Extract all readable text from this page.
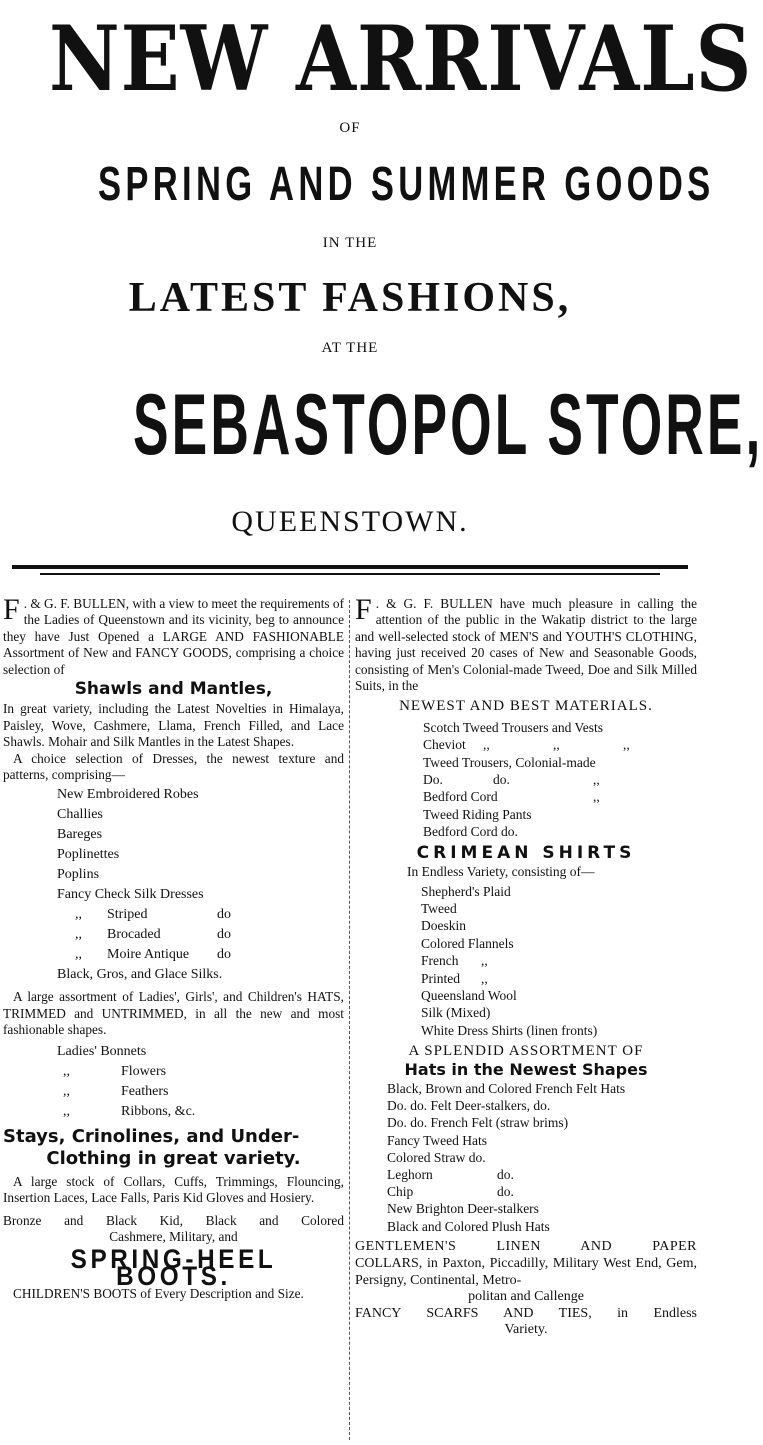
NEW ARRIVALS
OF
SPRING AND SUMMER GOODS
IN THE
LATEST FASHIONS,
AT THE
SEBASTOPOL STORE,
QUEENSTOWN.

F . & G. F. BULLEN, with a view to meet the requirements of the Ladies of Queenstown and its vicinity, beg to announce they have Just Opened a LARGE AND FASHIONABLE Assortment of New and FANCY GOODS, comprising a choice selection of

Shawls and Mantles,

In great variety, including the Latest Novelties in Himalaya, Paisley, Wove, Cashmere, Llama, French Filled, and Lace Shawls. Mohair and Silk Mantles in the Latest Shapes.

A choice selection of Dresses, the newest texture and patterns, comprising—

New Embroidered Robes
Challies
Bareges
Poplinettes
Poplins
Fancy Check Silk Dresses
,,	Striped	do
,,	Brocaded	do
,,	Moire Antique	do
Black, Gros, and Glace Silks.

A large assortment of Ladies', Girls', and Children's HATS, TRIMMED and UNTRIMMED, in all the new and most fashionable shapes.

Ladies' Bonnets
,,	Flowers
,,	Feathers
,,	Ribbons, &c.
Stays, Crinolines, and Under-
Clothing in great variety.

A large stock of Collars, Cuffs, Trimmings, Flouncing, Insertion Laces, Lace Falls, Paris Kid Gloves and Hosiery.

Bronze and Black Kid, Black and Colored
Cashmere, Military, and
SPRING-HEEL BOOTS.

CHILDREN'S BOOTS of Every Description and Size.

F . & G. F. BULLEN have much pleasure in calling the attention of the public in the Wakatip district to the large and well-selected stock of MEN'S and YOUTH'S CLOTHING, having just received 20 cases of New and Seasonable Goods, consisting of Men's Colonial-made Tweed, Doe and Silk Milled Suits, in the

NEWEST AND BEST MATERIALS.
Scotch Tweed Trousers and Vests
Cheviot	,,	,,	,,
Tweed Trousers, Colonial-made
Do.	do.	,,
Bedford Cord	,,
Tweed Riding Pants
Bedford Cord do.
CRIMEAN SHIRTS
In Endless Variety, consisting of—
Shepherd's Plaid
Tweed
Doeskin
Colored Flannels
French	,,
Printed	,,
Queensland Wool
Silk (Mixed)
White Dress Shirts (linen fronts)
A SPLENDID ASSORTMENT OF
Hats in the Newest Shapes
Black, Brown and Colored French Felt Hats
Do. do. Felt Deer-stalkers, do.
Do. do. French Felt (straw brims)
Fancy Tweed Hats
Colored Straw do.
Leghorn	do.
Chip	do.
New Brighton Deer-stalkers
Black and Colored Plush Hats
GENTLEMEN'S LINEN AND PAPER

COLLARS, in Paxton, Piccadilly, Military West End, Gem, Persigny, Continental, Metro-

politan and Callenge
FANCY SCARFS AND TIES, in Endless
Variety.
